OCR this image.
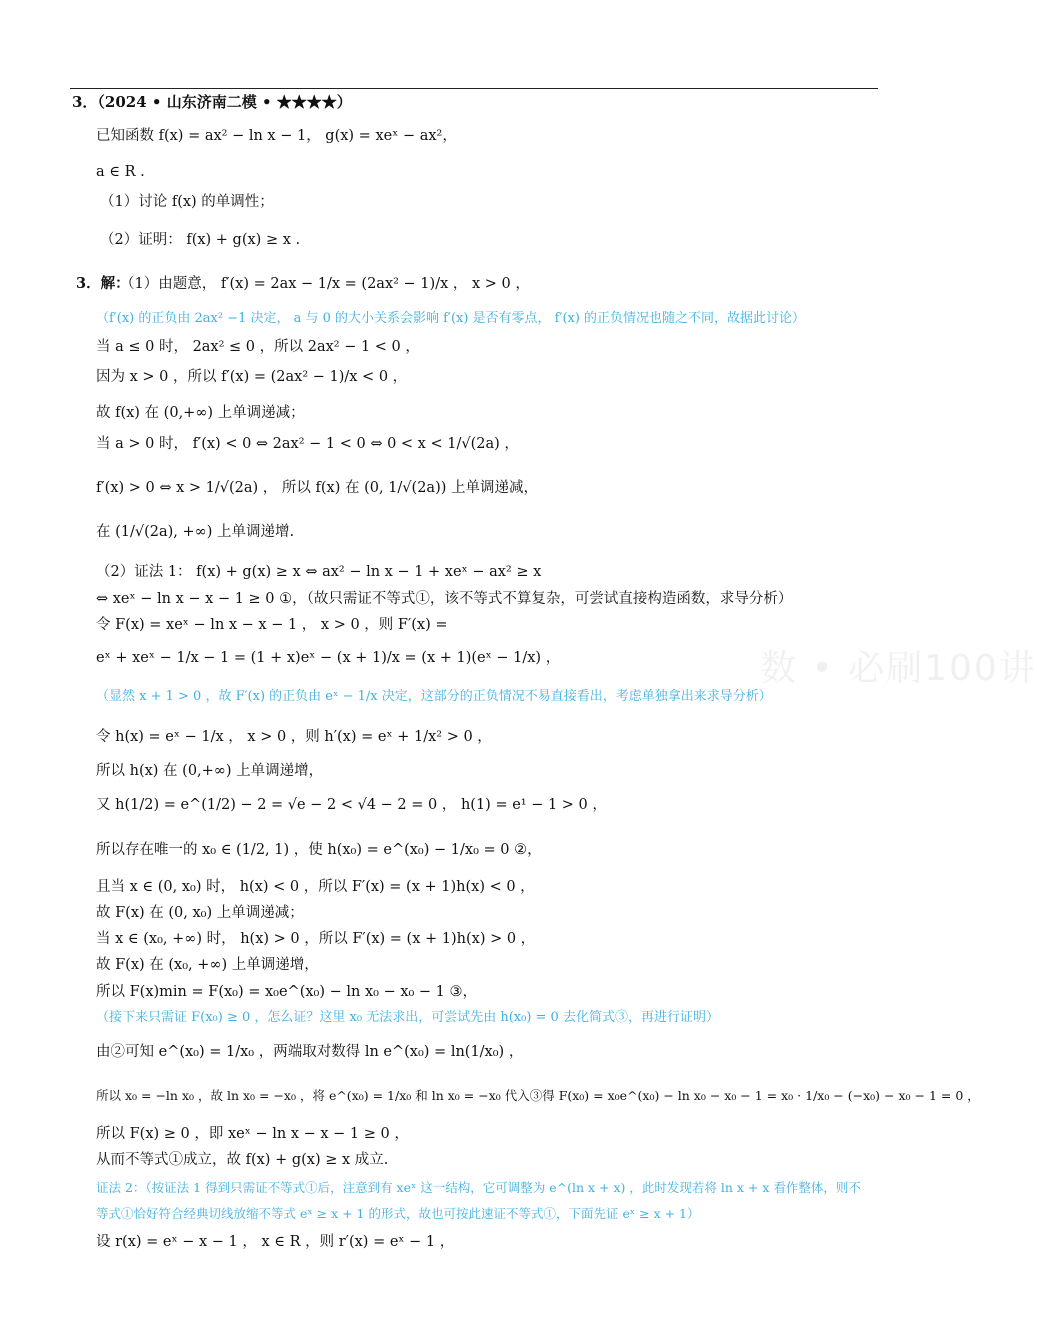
3．（2024 • 山东济南二模 • ★★★★）
已知函数 f(x) = ax² − ln x − 1， g(x) = xeˣ − ax²，
a ∈ R .
（1）讨论 f(x) 的单调性；
（2）证明： f(x) + g(x) ≥ x .
3．解：
（1）由题意， f′(x) = 2ax − 1/x = (2ax² − 1)/x ， x > 0 ，
（f′(x) 的正负由 2ax² −1 决定， a 与 0 的大小关系会影响 f′(x) 是否有零点， f′(x) 的正负情况也随之不同，故据此讨论）
当 a ≤ 0 时， 2ax² ≤ 0 ，所以 2ax² − 1 < 0 ，
因为 x > 0 ，所以 f′(x) = (2ax² − 1)/x < 0 ，
故 f(x) 在 (0,+∞) 上单调递减；
当 a > 0 时， f′(x) < 0 ⇔ 2ax² − 1 < 0 ⇔ 0 < x < 1/√(2a) ，
f′(x) > 0 ⇔ x > 1/√(2a) ， 所以 f(x) 在 (0, 1/√(2a)) 上单调递减，
在 (1/√(2a), +∞) 上单调递增.
（2）证法 1： f(x) + g(x) ≥ x ⇔ ax² − ln x − 1 + xeˣ − ax² ≥ x
⇔ xeˣ − ln x − x − 1 ≥ 0 ①，（故只需证不等式①，该不等式不算复杂，可尝试直接构造函数，求导分析）
令 F(x) = xeˣ − ln x − x − 1 ， x > 0 ，则 F′(x) =
eˣ + xeˣ − 1/x − 1 = (1 + x)eˣ − (x + 1)/x = (x + 1)(eˣ − 1/x) ，
（显然 x + 1 > 0 ，故 F′(x) 的正负由 eˣ − 1/x 决定，这部分的正负情况不易直接看出，考虑单独拿出来求导分析）
令 h(x) = eˣ − 1/x ， x > 0 ，则 h′(x) = eˣ + 1/x² > 0 ，
所以 h(x) 在 (0,+∞) 上单调递增，
又 h(1/2) = e^(1/2) − 2 = √e − 2 < √4 − 2 = 0 ， h(1) = e¹ − 1 > 0 ，
所以存在唯一的 x₀ ∈ (1/2, 1) ，使 h(x₀) = e^(x₀) − 1/x₀ = 0 ②，
且当 x ∈ (0, x₀) 时， h(x) < 0 ，所以 F′(x) = (x + 1)h(x) < 0 ，
故 F(x) 在 (0, x₀) 上单调递减；
当 x ∈ (x₀, +∞) 时， h(x) > 0 ，所以 F′(x) = (x + 1)h(x) > 0 ，
故 F(x) 在 (x₀, +∞) 上单调递增，
所以 F(x)min = F(x₀) = x₀e^(x₀) − ln x₀ − x₀ − 1 ③，
（接下来只需证 F(x₀) ≥ 0 ，怎么证？这里 x₀ 无法求出，可尝试先由 h(x₀) = 0 去化简式③，再进行证明）
由②可知 e^(x₀) = 1/x₀ ，两端取对数得 ln e^(x₀) = ln(1/x₀) ，
所以 x₀ = −ln x₀ ，故 ln x₀ = −x₀ ，将 e^(x₀) = 1/x₀ 和 ln x₀ = −x₀ 代入③得 F(x₀) = x₀e^(x₀) − ln x₀ − x₀ − 1 = x₀ · 1/x₀ − (−x₀) − x₀ − 1 = 0 ，
所以 F(x) ≥ 0 ，即 xeˣ − ln x − x − 1 ≥ 0 ，
从而不等式①成立，故 f(x) + g(x) ≥ x 成立.
证法 2：（按证法 1 得到只需证不等式①后，注意到有 xeˣ 这一结构，它可调整为 e^(ln x + x) ，此时发现若将 ln x + x 看作整体，则不
等式①恰好符合经典切线放缩不等式 eˣ ≥ x + 1 的形式，故也可按此速证不等式①，下面先证 eˣ ≥ x + 1）
设 r(x) = eˣ − x − 1 ， x ∈ R ，则 r′(x) = eˣ − 1 ，
数 • 必刷100讲
